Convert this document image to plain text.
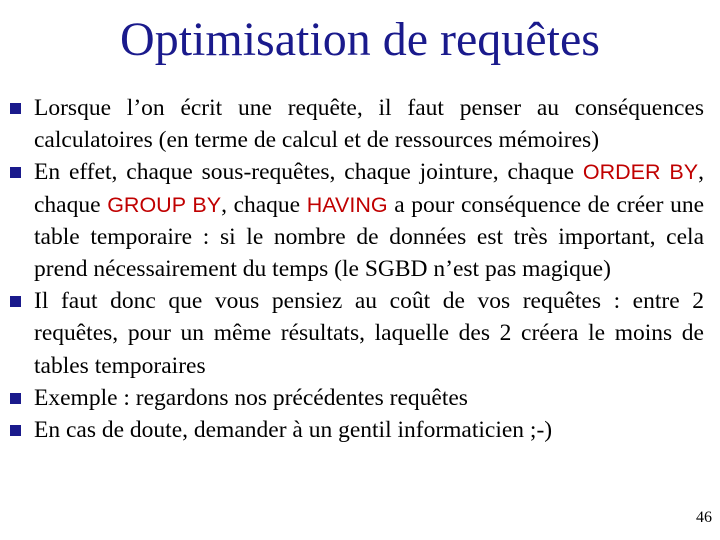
Optimisation de requêtes
Lorsque l’on écrit une requête, il faut penser au conséquences calculatoires (en terme de calcul et de ressources mémoires)
En effet, chaque sous-requêtes, chaque jointure, chaque ORDER BY, chaque GROUP BY, chaque HAVING a pour conséquence de créer une table temporaire : si le nombre de données est très important, cela prend nécessairement du temps (le SGBD n’est pas magique)
Il faut donc que vous pensiez au coût de vos requêtes : entre 2 requêtes, pour un même résultats, laquelle des 2 créera le moins de tables temporaires
Exemple : regardons nos précédentes requêtes
En cas de doute, demander à un gentil informaticien ;-)
46
